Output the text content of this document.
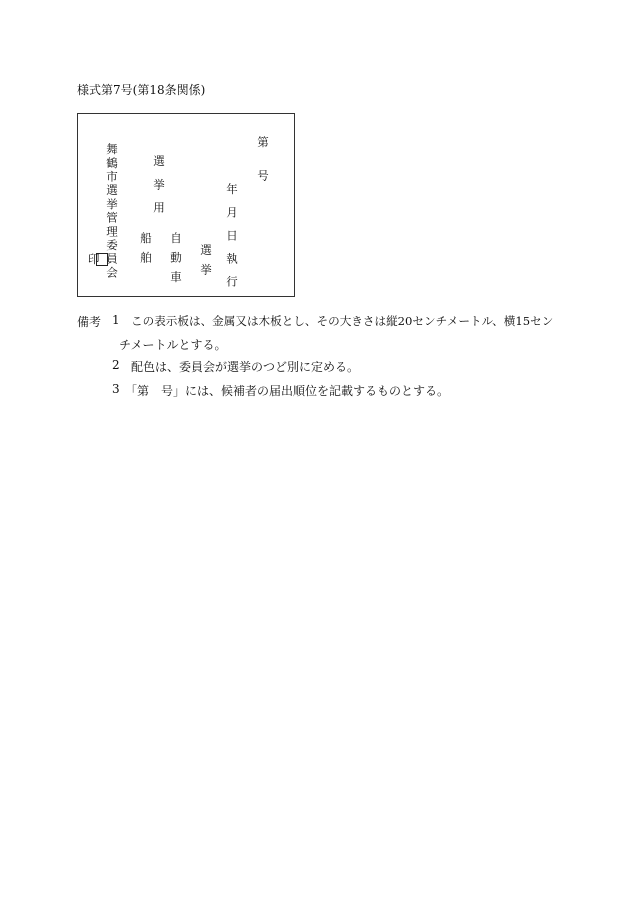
様式第7号(第18条関係)
舞鶴市選挙管理委員会
印
選 挙 用
船 舶 自 動 車 選 挙 年 月 日 執 行
第 号
備考 1 この表示板は、金属又は木板とし、その大きさは縦20センチメートル、横15セン
チメートルとする。
2 配色は、委員会が選挙のつど別に定める。
3 「第　号」には、候補者の届出順位を記載するものとする。
